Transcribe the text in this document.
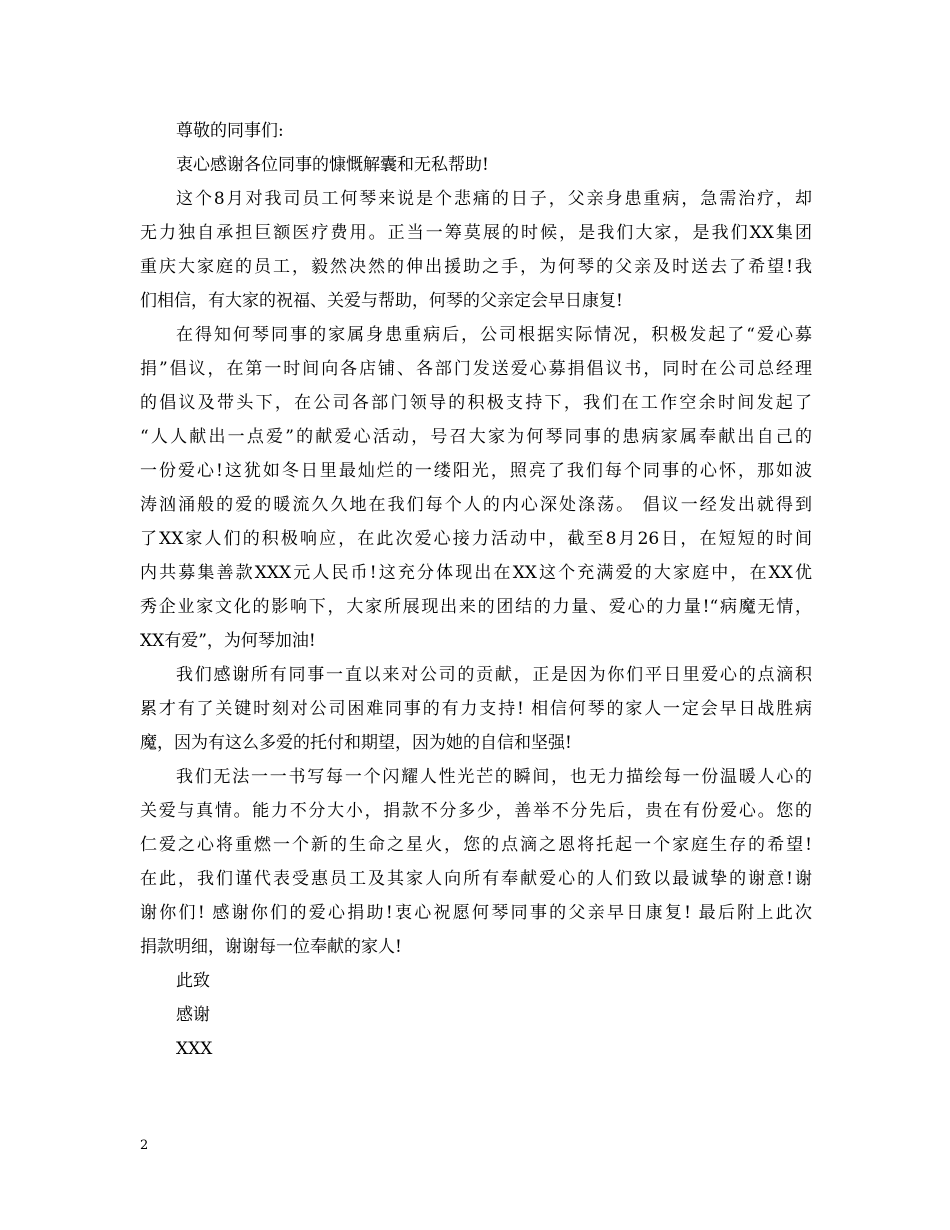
尊敬的同事们:
衷心感谢各位同事的慷慨解囊和无私帮助!
这个8月对我司员工何琴来说是个悲痛的日子，父亲身患重病，急需治疗，却
无力独自承担巨额医疗费用。正当一筹莫展的时候，是我们大家，是我们XX集团
重庆大家庭的员工，毅然决然的伸出援助之手，为何琴的父亲及时送去了希望!我
们相信，有大家的祝福、关爱与帮助，何琴的父亲定会早日康复!
在得知何琴同事的家属身患重病后，公司根据实际情况，积极发起了“爱心募
捐”倡议，在第一时间向各店铺、各部门发送爱心募捐倡议书，同时在公司总经理
的倡议及带头下，在公司各部门领导的积极支持下，我们在工作空余时间发起了
“人人献出一点爱”的献爱心活动，号召大家为何琴同事的患病家属奉献出自己的
一份爱心!这犹如冬日里最灿烂的一缕阳光，照亮了我们每个同事的心怀，那如波
涛汹涌般的爱的暖流久久地在我们每个人的内心深处涤荡。 倡议一经发出就得到
了XX家人们的积极响应，在此次爱心接力活动中，截至8月26日，在短短的时间
内共募集善款XXX元人民币!这充分体现出在XX这个充满爱的大家庭中，在XX优
秀企业家文化的影响下，大家所展现出来的团结的力量、爱心的力量!“病魔无情，
XX有爱”，为何琴加油!
我们感谢所有同事一直以来对公司的贡献，正是因为你们平日里爱心的点滴积
累才有了关键时刻对公司困难同事的有力支持! 相信何琴的家人一定会早日战胜病
魔，因为有这么多爱的托付和期望，因为她的自信和坚强!
我们无法一一书写每一个闪耀人性光芒的瞬间，也无力描绘每一份温暖人心的
关爱与真情。能力不分大小，捐款不分多少，善举不分先后，贵在有份爱心。您的
仁爱之心将重燃一个新的生命之星火，您的点滴之恩将托起一个家庭生存的希望!
在此，我们谨代表受惠员工及其家人向所有奉献爱心的人们致以最诚挚的谢意!谢
谢你们! 感谢你们的爱心捐助!衷心祝愿何琴同事的父亲早日康复! 最后附上此次
捐款明细，谢谢每一位奉献的家人!
此致
感谢
XXX
2
